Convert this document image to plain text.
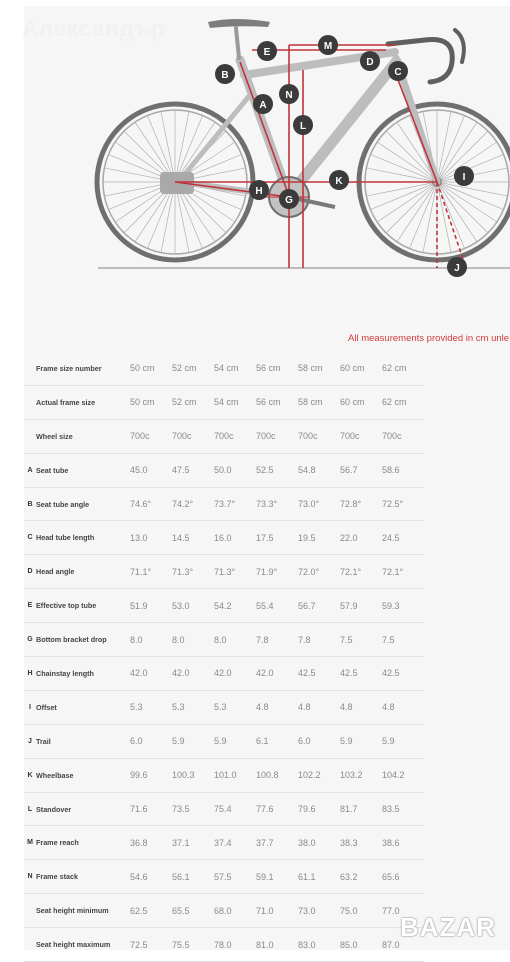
Александър
A
B	C
D
E
G
H
I
J
K
L
M
N
All measurements provided in cm unle
	Frame size number	50 cm	52 cm	54 cm	56 cm	58 cm	60 cm	62 cm
	Actual frame size	50 cm	52 cm	54 cm	56 cm	58 cm	60 cm	62 cm
	Wheel size	700c	700c	700c	700c	700c	700c	700c
A	Seat tube	45.0	47.5	50.0	52.5	54.8	56.7	58.6
B	Seat tube angle	74.6°	74.2°	73.7°	73.3°	73.0°	72.8°	72.5°
C	Head tube length	13.0	14.5	16.0	17.5	19.5	22.0	24.5
D	Head angle	71.1°	71.3°	71.3°	71.9°	72.0°	72.1°	72.1°
E	Effective top tube	51.9	53.0	54.2	55.4	56.7	57.9	59.3
G	Bottom bracket drop	8.0	8.0	8.0	7.8	7.8	7.5	7.5
H	Chainstay length	42.0	42.0	42.0	42.0	42.5	42.5	42.5
I	Offset	5.3	5.3	5.3	4.8	4.8	4.8	4.8
J	Trail	6.0	5.9	5.9	6.1	6.0	5.9	5.9
K	Wheelbase	99.6	100.3	101.0	100.8	102.2	103.2	104.2
L	Standover	71.6	73.5	75.4	77.6	79.6	81.7	83.5
M	Frame reach	36.8	37.1	37.4	37.7	38.0	38.3	38.6
N	Frame stack	54.6	56.1	57.5	59.1	61.1	63.2	65.6
	Seat height minimum	62.5	65.5	68.0	71.0	73.0	75.0	77.0
	Seat height maximum	72.5	75.5	78.0	81.0	83.0	85.0	87.0
BAZAR
